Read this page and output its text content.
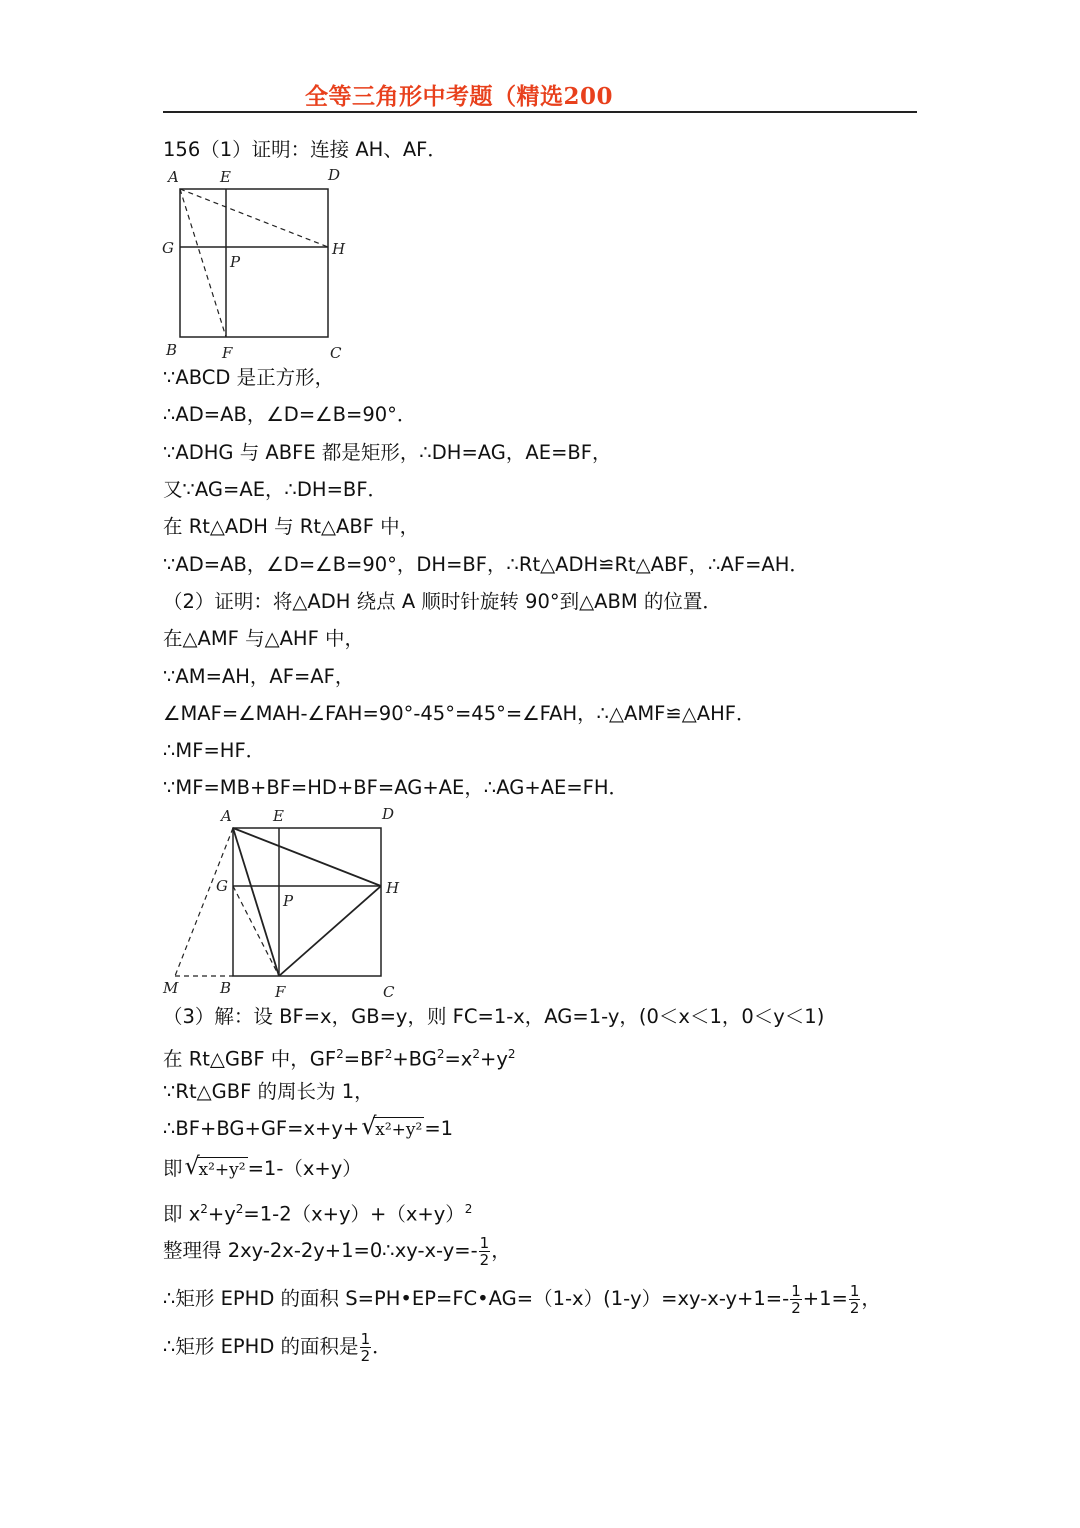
全等三角形中考题（精选200
156（1）证明：连接 AH、AF．
A	E	D
G	H
P
B	F	C
∵ABCD 是正方形，
∴AD=AB，∠D=∠B=90°．
∵ADHG 与 ABFE 都是矩形，∴DH=AG，AE=BF，
又∵AG=AE，∴DH=BF．
在 Rt△ADH 与 Rt△ABF 中，
∵AD=AB，∠D=∠B=90°，DH=BF，∴Rt△ADH≌Rt△ABF，∴AF=AH．
（2）证明：将△ADH 绕点 A 顺时针旋转 90°到△ABM 的位置．
在△AMF 与△AHF 中，
∵AM=AH，AF=AF，
∠MAF=∠MAH-∠FAH=90°-45°=45°=∠FAH，∴△AMF≌△AHF．
∴MF=HF．
∵MF=MB+BF=HD+BF=AG+AE，∴AG+AE=FH．
A	E	D
G	H
P
M	B	F	C
（3）解：设 BF=x，GB=y，则 FC=1-x，AG=1-y，(0＜x＜1，0＜y＜1)
在 Rt△GBF 中，$GF^2=BF^2+BG^2=x^2+y^2$
∵Rt△GBF 的周长为 1，
∴BF+BG+GF=x+y+ √
x²+y² =1
即 √
x²+y² =1-（x+y）
即 $x^2+y^2=1-2(x+y)+(x+y)^2$
整理得 2xy-2x-2y+1=0∴xy-x-y=- $\frac{1}{2}$ ，
∴矩形 EPHD 的面积 S=PH•EP=FC•AG=（1-x）(1-y）=xy-x-y+1=- $\frac{1}{2} +1= \frac{1}{2}$ ，
∴矩形 EPHD 的面积是 $\frac{1}{2}$ ．
